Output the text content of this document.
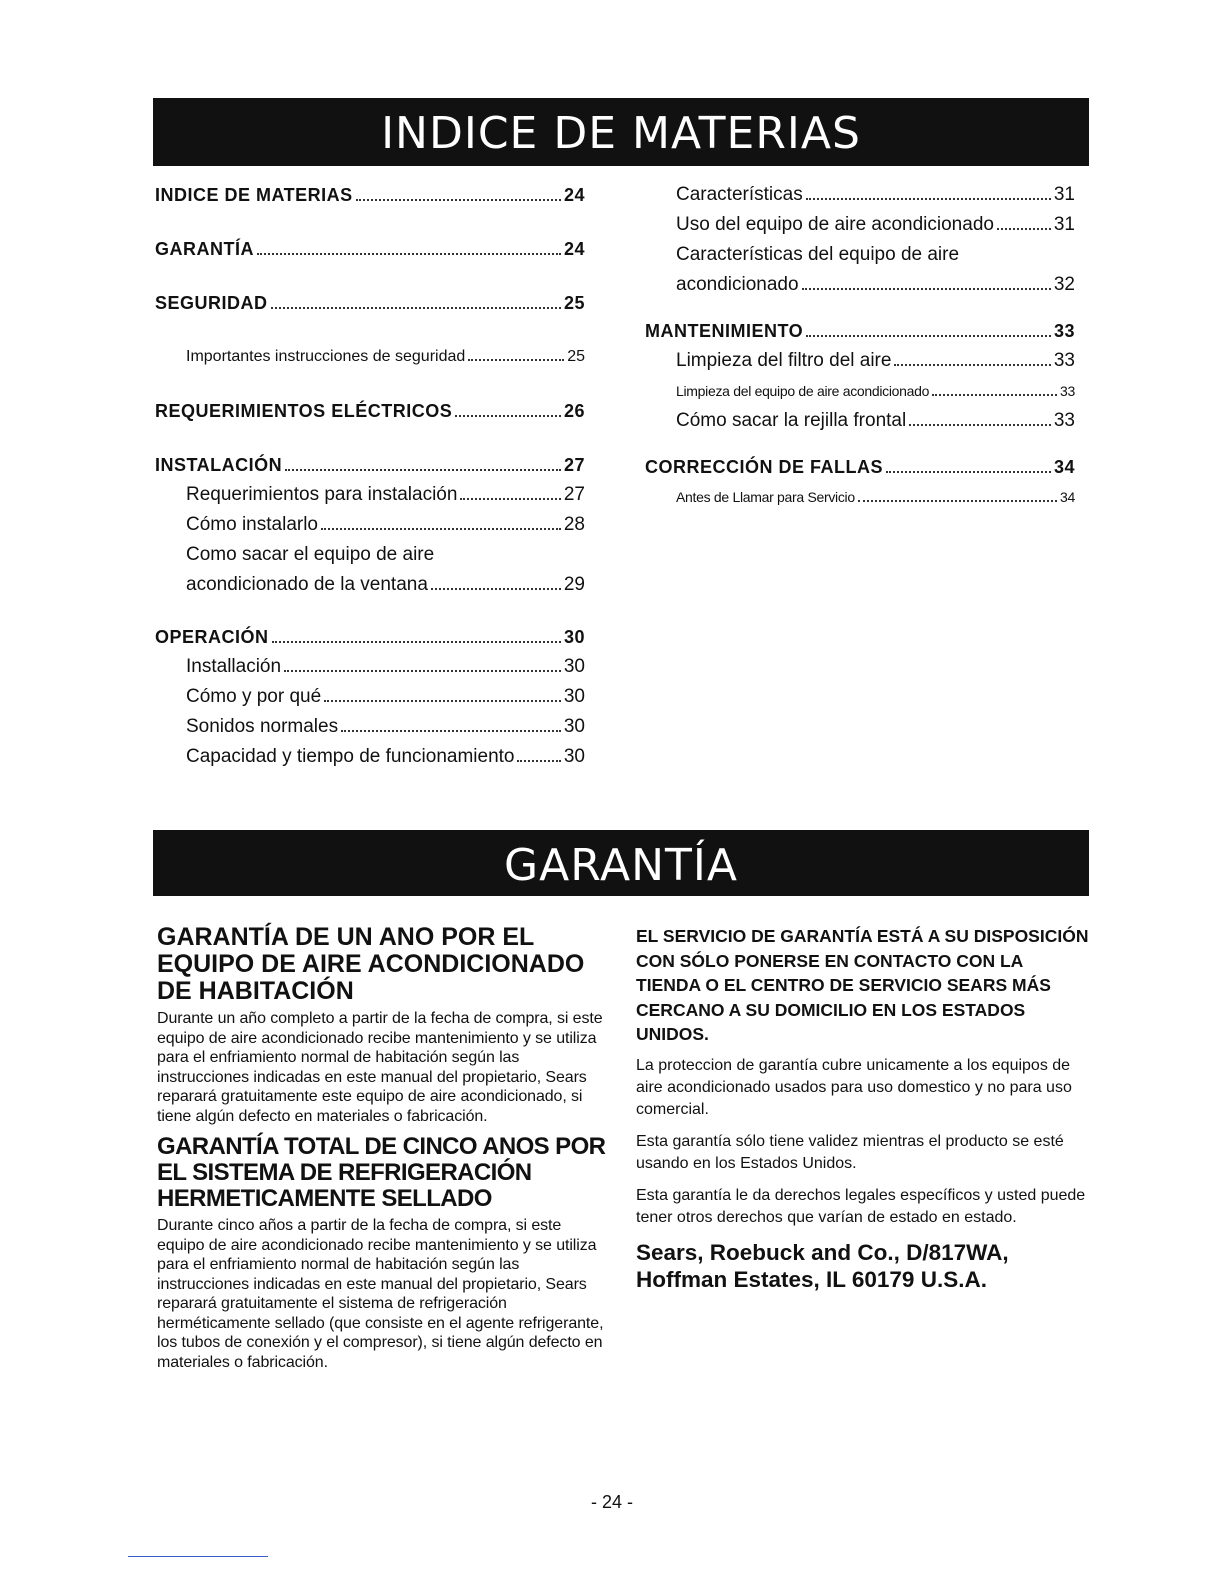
INDICE DE MATERIAS
INDICE DE MATERIAS	24
GARANTÍA	24
SEGURIDAD	25
Importantes instrucciones de seguridad	25
REQUERIMIENTOS ELÉCTRICOS	26
INSTALACIÓN	27
Requerimientos para instalación	27
Cómo instalarlo	28
Como sacar el equipo de aire
acondicionado de la ventana	29
OPERACIÓN	30
Installación	30
Cómo y por qué	30
Sonidos normales	30
Capacidad y tiempo de funcionamiento	30
Características	31
Uso del equipo de aire acondicionado	31
Características del equipo de aire
acondicionado	32
MANTENIMIENTO	33
Limpieza del filtro del aire	33
Limpieza del equipo de aire acondicionado	33
Cómo sacar la rejilla frontal	33
CORRECCIÓN DE FALLAS	34
Antes de Llamar para Servicio	34
GARANTÍA
GARANTÍA DE UN ANO POR EL EQUIPO DE AIRE ACONDICIONADO DE HABITACIÓN

Durante un año completo a partir de la fecha de compra, si este equipo de aire acondicionado recibe mantenimiento y se utiliza para el enfriamiento normal de habitación según las instrucciones indicadas en este manual del propietario, Sears reparará gratuitamente este equipo de aire acondicionado, si tiene algún defecto en materiales o fabricación.

GARANTÍA TOTAL DE CINCO ANOS POR EL SISTEMA DE REFRIGERACIÓN HERMETICAMENTE SELLADO

Durante cinco años a partir de la fecha de compra, si este equipo de aire acondicionado recibe mantenimiento y se utiliza para el enfriamiento normal de habitación según las instrucciones indicadas en este manual del propietario, Sears reparará gratuitamente el sistema de refrigeración herméticamente sellado (que consiste en el agente refrigerante, los tubos de conexión y el compresor), si tiene algún defecto en materiales o fabricación.

EL SERVICIO DE GARANTÍA ESTÁ A SU DISPOSICIÓN CON SÓLO PONERSE EN CONTACTO CON LA TIENDA O EL CENTRO DE SERVICIO SEARS MÁS CERCANO A SU DOMICILIO EN LOS ESTADOS UNIDOS.

La proteccion de garantía cubre unicamente a los equipos de aire acondicionado usados para uso domestico y no para uso comercial.

Esta garantía sólo tiene validez mientras el producto se esté usando en los Estados Unidos.

Esta garantía le da derechos legales específicos y usted puede tener otros derechos que varían de estado en estado.

Sears, Roebuck and Co., D/817WA,
Hoffman Estates, IL 60179 U.S.A.
- 24 -
